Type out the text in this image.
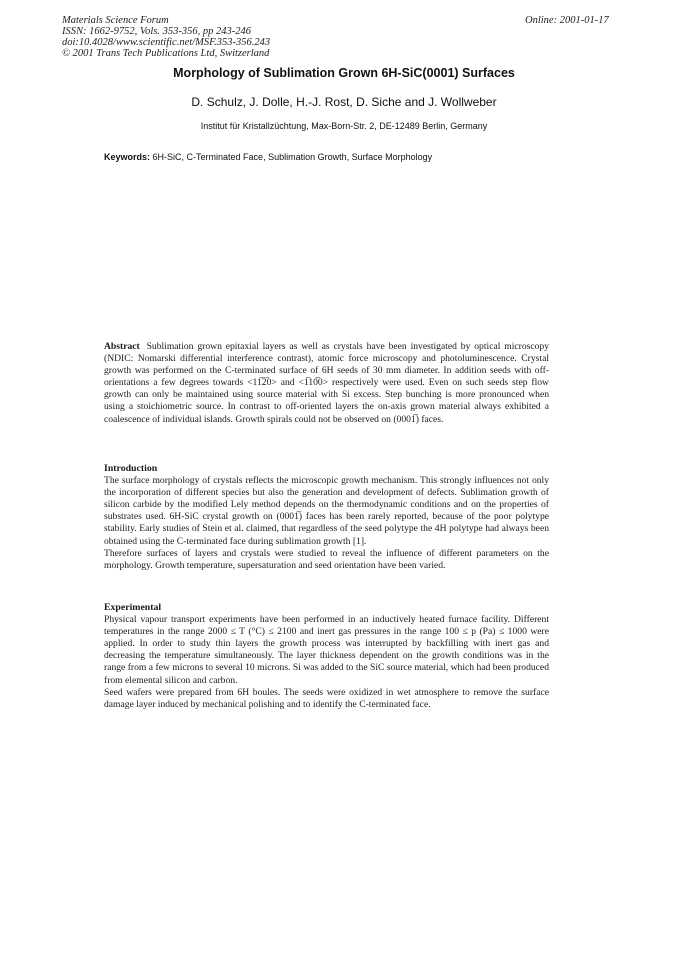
Materials Science Forum
ISSN: 1662-9752, Vols. 353-356, pp 243-246
doi:10.4028/www.scientific.net/MSF.353-356.243
© 2001 Trans Tech Publications Ltd, Switzerland
Online: 2001-01-17
Morphology of Sublimation Grown 6H-SiC(0001) Surfaces
D. Schulz, J. Dolle, H.-J. Rost, D. Siche and J. Wollweber
Institut für Kristallzüchtung, Max-Born-Str. 2, DE-12489 Berlin, Germany
Keywords: 6H-SiC, C-Terminated Face, Sublimation Growth, Surface Morphology

Abstract Sublimation grown epitaxial layers as well as crystals have been investigated by optical microscopy (NDIC: Nomarski differential interference contrast), atomic force microscopy and photoluminescence. Crystal growth was performed on the C-terminated surface of 6H seeds of 30 mm diameter. In addition seeds with off-orientations a few degrees towards <11̅2̅0> and <1̅10̅0> respectively were used. Even on such seeds step flow growth can only be maintained using source material with Si excess. Step bunching is more pronounced when using a stoichiometric source. In contrast to off-oriented layers the on-axis grown material always exhibited a coalescence of individual islands. Growth spirals could not be observed on (0001̅) faces.

Introduction

The surface morphology of crystals reflects the microscopic growth mechanism. This strongly influences not only the incorporation of different species but also the generation and development of defects. Sublimation growth of silicon carbide by the modified Lely method depends on the thermodynamic conditions and on the properties of substrates used. 6H-SiC crystal growth on (0001̅) faces has been rarely reported, because of the poor polytype stability. Early studies of Stein et al. claimed, that regardless of the seed polytype the 4H polytype had always been obtained using the C-terminated face during sublimation growth [1].

Therefore surfaces of layers and crystals were studied to reveal the influence of different parameters on the morphology. Growth temperature, supersaturation and seed orientation have been varied.

Experimental

Physical vapour transport experiments have been performed in an inductively heated furnace facility. Different temperatures in the range 2000 ≤ T (°C) ≤ 2100 and inert gas pressures in the range 100 ≤ p (Pa) ≤ 1000 were applied. In order to study thin layers the growth process was interrupted by backfilling with inert gas and decreasing the temperature simultaneously. The layer thickness dependent on the growth conditions was in the range from a few microns to several 10 microns. Si was added to the SiC source material, which had been produced from elemental silicon and carbon.

Seed wafers were prepared from 6H boules. The seeds were oxidized in wet atmosphere to remove the surface damage layer induced by mechanical polishing and to identify the C-terminated face.
